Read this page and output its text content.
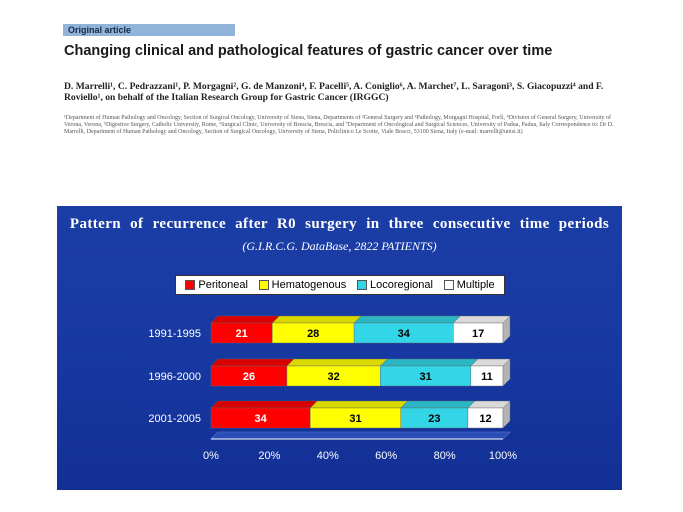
Original article

Changing clinical and pathological features of gastric cancer over time

D. Marrelli¹, C. Pedrazzani¹, P. Morgagni², G. de Manzoni⁴, F. Pacelli⁵, A. Coniglio⁶, A. Marchet⁷, L. Saragoni³, S. Giacopuzzi⁴ and F. Roviello¹, on behalf of the Italian Research Group for Gastric Cancer (IRGGC)

¹Department of Human Pathology and Oncology, Section of Surgical Oncology, University of Siena, Siena, Departments of ²General Surgery and ³Pathology, Morgagni Hospital, Forlì, ⁴Division of General Surgery, University of Verona, Verona, ⁵Digestive Surgery, Catholic University, Rome, ⁶Surgical Clinic, University of Brescia, Brescia, and ⁷Department of Oncological and Surgical Sciences, University of Padua, Padua, Italy Correspondence to: Dr D. Marrelli, Department of Human Pathology and Oncology, Section of Surgical Oncology, University of Siena, Policlinico Le Scotte, Viale Bracci, 53100 Siena, Italy (e-mail: marrelli@unisi.it)

Pattern of recurrence after R0 surgery in three consecutive time periods
(G.I.R.C.G. DataBase, 2822 PATIENTS)
Peritoneal Hematogenous Locoregional Multiple
0%	20%	40%	60%	80%	100%
1991-1995	21	28	34	17
1996-2000	26	32	31	11
2001-2005	34	31	23	12
